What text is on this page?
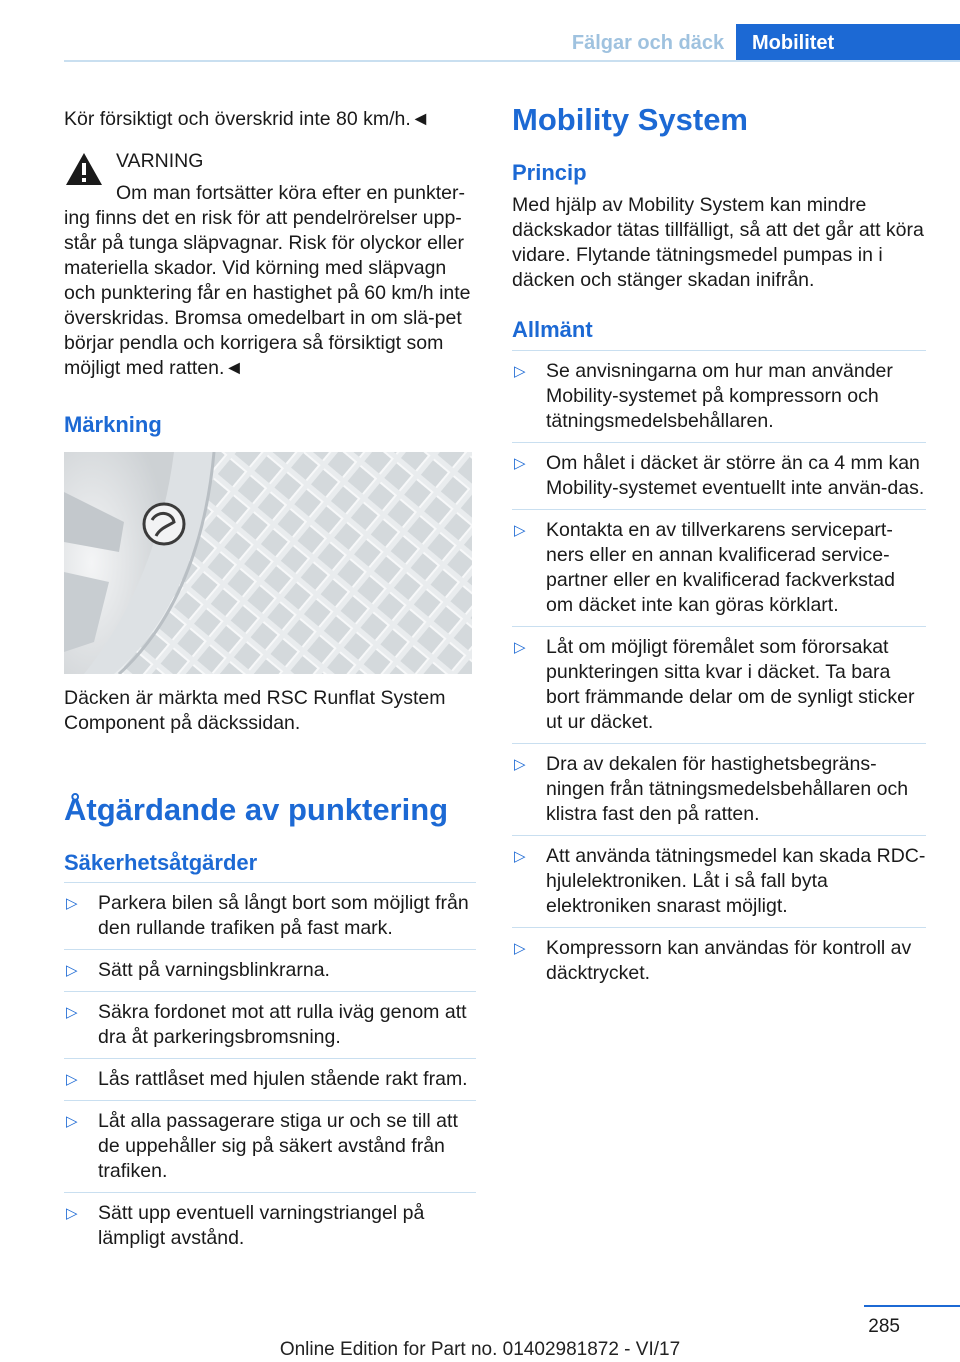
Fälgar och däck	Mobilitet

Kör försiktigt och överskrid inte 80 km/h.◄

VARNING
Om man fortsätter köra efter en punkter-ing finns det en risk för att pendelrörelser upp-står på tunga släpvagnar. Risk för olyckor eller materiella skador. Vid körning med släpvagn och punktering får en hastighet på 60 km/h inte överskridas. Bromsa omedelbart in om slä-pet börjar pendla och korrigera så försiktigt som möjligt med ratten.◄
Märkning

Däcken är märkta med RSC Runflat System Component på däckssidan.

Åtgärdande av punktering
Säkerhetsåtgärder
▷ Parkera bilen så långt bort som möjligt från den rullande trafiken på fast mark.
▷ Sätt på varningsblinkrarna.
▷ Säkra fordonet mot att rulla iväg genom att dra åt parkeringsbromsning.
▷ Lås rattlåset med hjulen stående rakt fram.
▷ Låt alla passagerare stiga ur och se till att de uppehåller sig på säkert avstånd från trafiken.
▷ Sätt upp eventuell varningstriangel på lämpligt avstånd.
Mobility System
Princip

Med hjälp av Mobility System kan mindre däckskador tätas tillfälligt, så att det går att köra vidare. Flytande tätningsmedel pumpas in i däcken och stänger skadan inifrån.

Allmänt
▷ Se anvisningarna om hur man använder Mobility-systemet på kompressorn och tätningsmedelsbehållaren.
▷ Om hålet i däcket är större än ca 4 mm kan Mobility-systemet eventuellt inte använ-das.
▷ Kontakta en av tillverkarens servicepart-ners eller en annan kvalificerad service-partner eller en kvalificerad fackverkstad om däcket inte kan göras körklart.
▷ Låt om möjligt föremålet som förorsakat punkteringen sitta kvar i däcket. Ta bara bort främmande delar om de synligt sticker ut ur däcket.
▷ Dra av dekalen för hastighetsbegräns-ningen från tätningsmedelsbehållaren och klistra fast den på ratten.
▷ Att använda tätningsmedel kan skada RDC-hjulelektroniken. Låt i så fall byta elektroniken snarast möjligt.
▷ Kompressorn kan användas för kontroll av däcktrycket.
285
Online Edition for Part no. 01402981872 - VI/17
